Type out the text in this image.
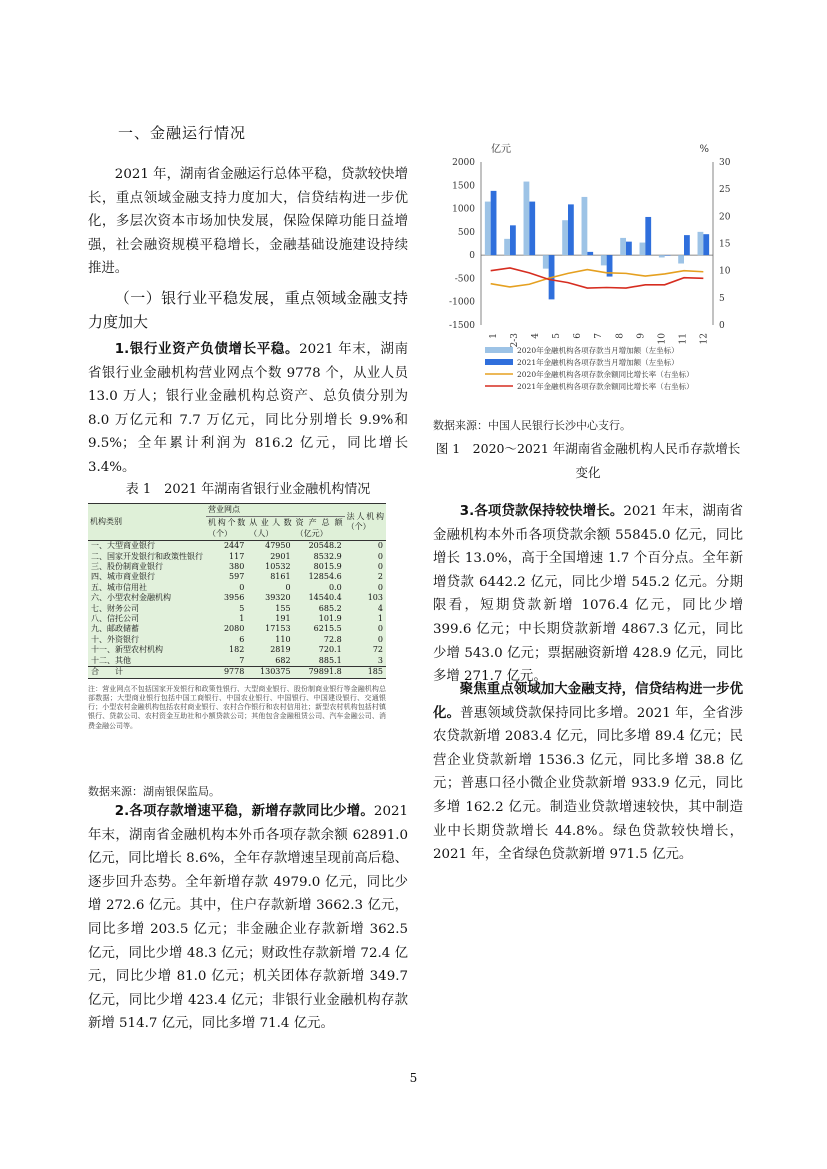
一、金融运行情况

2021 年，湖南省金融运行总体平稳，贷款较快增长，重点领域金融支持力度加大，信贷结构进一步优化，多层次资本市场加快发展，保险保障功能日益增强，社会融资规模平稳增长，金融基础设施建设持续推进。

（一）银行业平稳发展，重点领域金融支持力度加大

1.银行业资产负债增长平稳。2021 年末，湖南省银行业金融机构营业网点个数 9778 个，从业人员 13.0 万人；银行业金融机构总资产、总负债分别为 8.0 万亿元和 7.7 万亿元，同比分别增长 9.9%和 9.5%；全年累计利润为 816.2 亿元，同比增长 3.4%。

表 1　2021 年湖南省银行业金融机构情况
机构类别	营业网点			法人机构（个）
	机构个数（个）	从业人数（人）	资产总额（亿元）	
一、大型商业银行	2447	47950	20548.2	0
二、国家开发银行和政策性银行	117	2901	8532.9	0
三、股份制商业银行	380	10532	8015.9	0
四、城市商业银行	597	8161	12854.6	2
五、城市信用社	0	0	0.0	0
六、小型农村金融机构	3956	39320	14540.4	103
七、财务公司	5	155	685.2	4
八、信托公司	1	191	101.9	1
九、邮政储蓄	2080	17153	6215.5	0
十、外资银行	6	110	72.8	0
十一、新型农村机构	182	2819	720.1	72
十二、其他	7	682	885.1	3
合　　计	9778	130375	79891.8	185
注：营业网点不包括国家开发银行和政策性银行、大型商业银行、股份制商业银行等金融机构总部数据；大型商业银行包括中国工商银行、中国农业银行、中国银行、中国建设银行、交通银行；小型农村金融机构包括农村商业银行、农村合作银行和农村信用社；新型农村机构包括村镇银行、贷款公司、农村资金互助社和小额贷款公司；其他包含金融租赁公司、汽车金融公司、消费金融公司等。
数据来源：湖南银保监局。

2.各项存款增速平稳，新增存款同比少增。2021 年末，湖南省金融机构本外币各项存款余额 62891.0 亿元，同比增长 8.6%，全年存款增速呈现前高后稳、逐步回升态势。全年新增存款 4979.0 亿元，同比少增 272.6 亿元。其中，住户存款新增 3662.3 亿元，同比多增 203.5 亿元；非金融企业存款新增 362.5 亿元，同比少增 48.3 亿元；财政性存款新增 72.4 亿元，同比少增 81.0 亿元；机关团体存款新增 349.7 亿元，同比少增 423.4 亿元；非银行业金融机构存款新增 514.7 亿元，同比多增 71.4 亿元。

亿元	%
2000
1500
1000
500
0
-500
-1000
-1500
30
25
20
15
10
5
0
1 2-3 4 5 6 7 8 9 10 11 12
2020年金融机构各项存款当月增加额（左坐标）
2021年金融机构各项存款当月增加额（左坐标）
2020年金融机构各项存款余额同比增长率（右坐标）
2021年金融机构各项存款余额同比增长率（右坐标）
数据来源：中国人民银行长沙中心支行。
图 1　2020～2021 年湖南省金融机构人民币存款增长变化

3.各项贷款保持较快增长。2021 年末，湖南省金融机构本外币各项贷款余额 55845.0 亿元，同比增长 13.0%，高于全国增速 1.7 个百分点。全年新增贷款 6442.2 亿元，同比少增 545.2 亿元。分期限看，短期贷款新增 1076.4 亿元，同比少增 399.6 亿元；中长期贷款新增 4867.3 亿元，同比少增 543.0 亿元；票据融资新增 428.9 亿元，同比多增 271.7 亿元。

聚焦重点领域加大金融支持，信贷结构进一步优化。普惠领域贷款保持同比多增。2021 年，全省涉农贷款新增 2083.4 亿元，同比多增 89.4 亿元；民营企业贷款新增 1536.3 亿元，同比多增 38.8 亿元；普惠口径小微企业贷款新增 933.9 亿元，同比多增 162.2 亿元。制造业贷款增速较快，其中制造业中长期贷款增长 44.8%。绿色贷款较快增长，2021 年，全省绿色贷款新增 971.5 亿元。

5
